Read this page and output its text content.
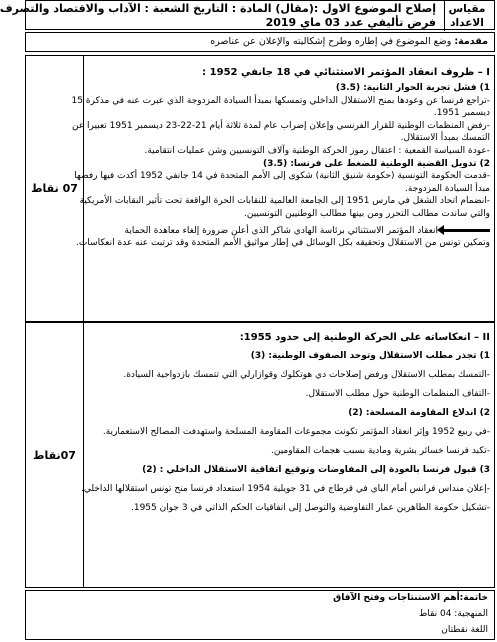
إصلاح الموضوع الاول :(مقال) المادة : التاريخ الشعبة : الآداب والاقتصاد والتصرف
فرض تأليفي عدد 03 ماي 2019
مقياس
الاعداد
مقدمة: وضع الموضوع في إطاره وطرح إشكاليته والإعلان عن عناصره
07 نقاط
I – ظروف انعقاد المؤتمر الاستثنائي في 18 جانفي 1952 :
1) فشل تجربة الحوار الثانية: (3.5)
-تراجع فرنسا عن وعودها بمنح الاستقلال الداخلي وتمسكها بمبدأ السيادة المزدوجة الذي عبرت عنه في مذكرة 15
ديسمبر 1951.
-رفض المنظمات الوطنية للقرار الفرنسي وإعلان إضراب عام لمدة ثلاثة أيام 21-22-23 ديسمبر 1951 تعبيرا عن
التمسك بمبدأ الاستقلال.
-عودة السياسة القمعية : اعتقال رموز الحركة الوطنية وآلاف التونسيين وشن عمليات انتقامية.
2) تدويل القضية الوطنية للضغط على فرنسا: (3.5)
-قدمت الحكومة التونسية (حكومة شنيق الثانية) شكوى إلى الأمم المتحدة في 14 جانفي 1952 أكدت فيها رفضها
مبدأ السيادة المزدوجة.
-انضمام اتحاد الشغل في مارس 1951 إلى الجامعة العالمية للنقابات الحرة الواقعة تحت تأثير النقابات الأمريكية
والتي ساندت مطالب التحرر ومن بينها مطالب الوطنيين التونسيين.
انعقاد المؤتمر الاستثنائي برئاسة الهادي شاكر الذي أعلن ضرورة إلغاء معاهدة الحماية
وتمكين تونس من الاستقلال وتحقيقه بكل الوسائل في إطار مواثيق الأمم المتحدة وقد ترتبت عنه عدة انعكاسات.
07نقاط
II – انعكاساته على الحركة الوطنية إلى حدود 1955:
1) تجذر مطلب الاستقلال وتوحد الصفوف الوطنية: (3)
-التمسك بمطلب الاستقلال ورفض إصلاحات دي هوتكلوك وقوازارلي التي تتمسك بازدواجية السيادة.
-التفاف المنظمات الوطنية حول مطلب الاستقلال.
2) اندلاع المقاومة المسلحة: (2)
-في ربيع 1952 وإثر انعقاد المؤتمر تكونت مجموعات المقاومة المسلحة واستهدفت المصالح الاستعمارية.
-تكبد فرنسا خسائر بشرية ومادية بسبب هجمات المقاومين.
3) قبول فرنسا بالعودة إلى المفاوضات وتوقيع اتفاقية الاستقلال الداخلي : (2)
-إعلان منداس فرانس أمام الباي في قرطاج في 31 جويلية 1954 استعداد فرنسا منح تونس استقلالها الداخلي.
-تشكيل حكومة الطاهرين عمار التفاوضية والتوصل إلى اتفاقيات الحكم الذاتي في 3 جوان 1955.
خاتمة:أهم الاستنتاجات وفتح الآفاق
المنهجية: 04 نقاط
اللغة نقطتان
